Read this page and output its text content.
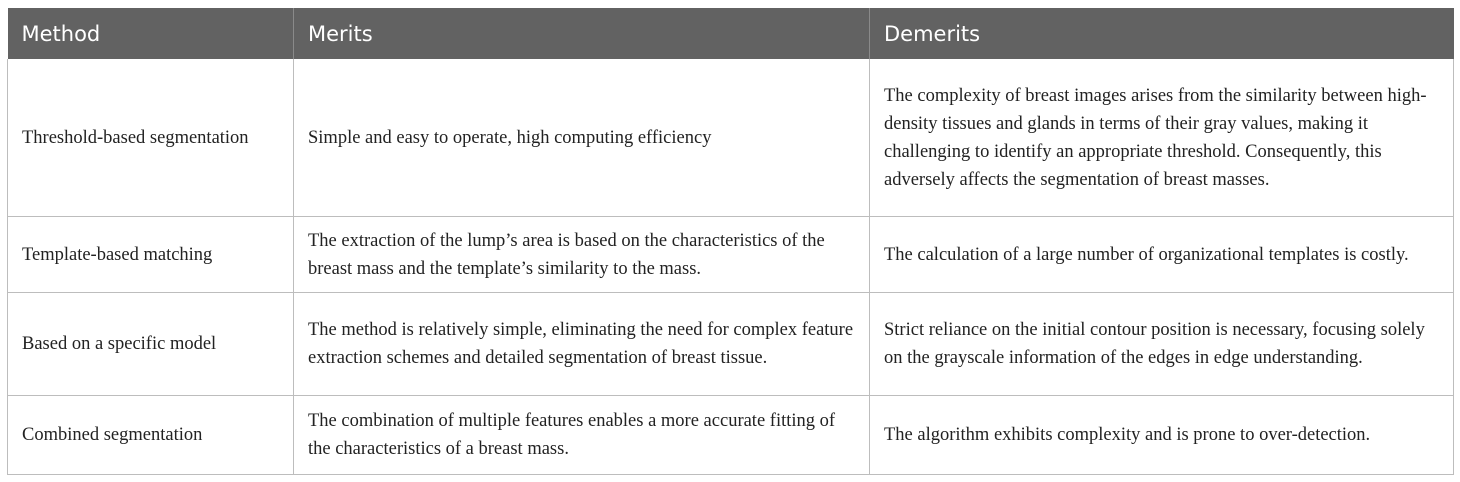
Method	Merits	Demerits
Threshold-based segmentation	Simple and easy to operate, high computing efficiency	The complexity of breast images arises from the similarity between high-density tissues and glands in terms of their gray values, making it challenging to identify an appropriate threshold. Consequently, this adversely affects the segmentation of breast masses.
Template-based matching	The extraction of the lump’s area is based on the characteristics of the breast mass and the template’s similarity to the mass.	The calculation of a large number of organizational templates is costly.
Based on a specific model	The method is relatively simple, eliminating the need for complex feature extraction schemes and detailed segmentation of breast tissue.	Strict reliance on the initial contour position is necessary, focusing solely on the grayscale information of the edges in edge understanding.
Combined segmentation	The combination of multiple features enables a more accurate fitting of the characteristics of a breast mass.	The algorithm exhibits complexity and is prone to over-detection.
